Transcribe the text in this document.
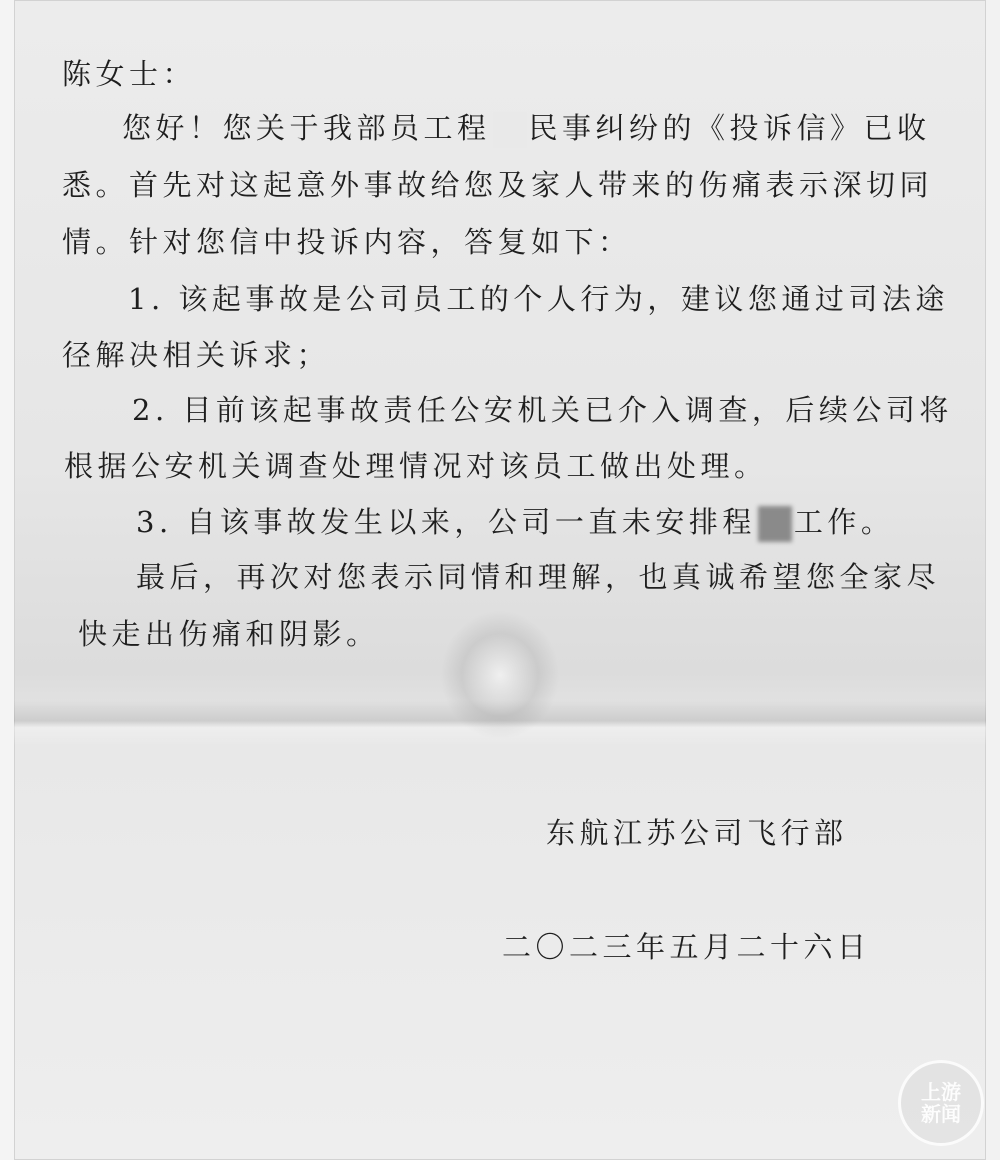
陈女士：
您好！您关于我部员工程 民事纠纷的《投诉信》已收
悉。首先对这起意外事故给您及家人带来的伤痛表示深切同
情。针对您信中投诉内容，答复如下：
1. 该起事故是公司员工的个人行为，建议您通过司法途
径解决相关诉求；
2. 目前该起事故责任公安机关已介入调查，后续公司将
根据公安机关调查处理情况对该员工做出处理。
3. 自该事故发生以来，公司一直未安排程 工作。
最后，再次对您表示同情和理解，也真诚希望您全家尽
快走出伤痛和阴影。
东航江苏公司飞行部
二〇二三年五月二十六日
上游
新闻
